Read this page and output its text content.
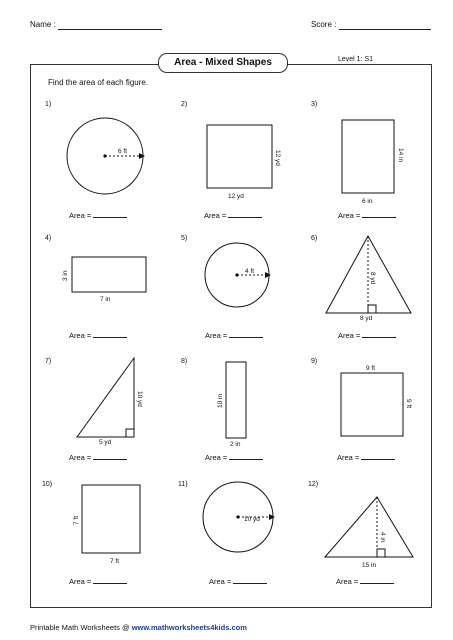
Name :	Score :
Area - Mixed Shapes	Level 1: S1
Find the area of each figure.
1)	2)	3)
4)	5)	6)
7)	8)	9)
10)	11)	12)
6 ft
12 yd
12 yd	14 in
6 in
3 in
7 in
4 ft
8 yd
8 yd
10 yd
5 yd
10 in
2 in
9 ft
9 ft
7 ft
7 ft
10 yd
4 in
15 in
Area =	Area =	Area =
Area =	Area =	Area =
Area =	Area =	Area =
Area =	Area =	Area =
Printable Math Worksheets @ www.mathworksheets4kids.com
